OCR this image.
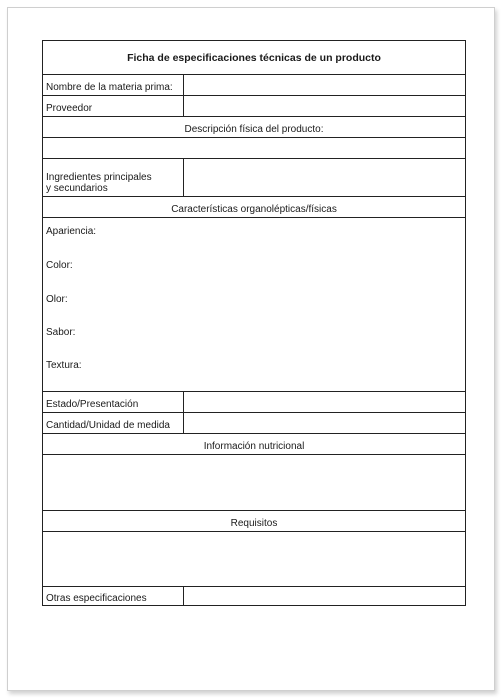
Ficha de especificaciones técnicas de un producto
Nombre de la materia prima:
Proveedor
Descripción física del producto:
Ingredientes principales
y secundarios
Características organolépticas/físicas
Apariencia:
Color:
Olor:
Sabor:
Textura:
Estado/Presentación
Cantidad/Unidad de medida
Información nutricional
Requisitos
Otras especificaciones
